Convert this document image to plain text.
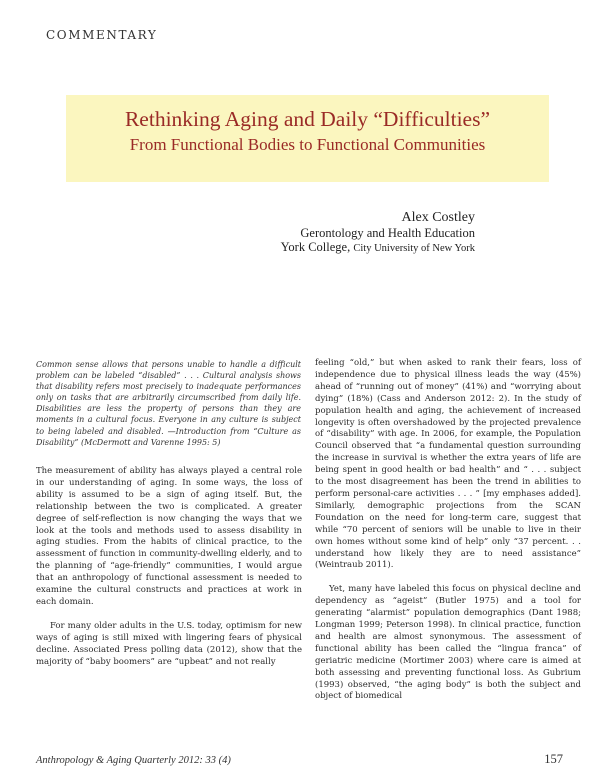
COMMENTARY
Rethinking Aging and Daily “Difficulties”
From Functional Bodies to Functional Communities
Alex Costley
Gerontology and Health Education
York College, City University of New York
Common sense allows that persons unable to handle a difficult problem can be labeled “disabled” . . . Cultural analysis shows that disability refers most precisely to inadequate performances only on tasks that are arbitrarily circumscribed from daily life. Disabilities are less the property of persons than they are moments in a cultural focus. Everyone in any culture is subject to being labeled and disabled. —Introduction from “Culture as Disability” (McDermott and Varenne 1995: 5)

The measurement of ability has always played a central role in our understanding of aging. In some ways, the loss of ability is assumed to be a sign of aging itself. But, the relationship between the two is complicated. A greater degree of self-reflection is now changing the ways that we look at the tools and methods used to assess disability in aging studies. From the habits of clinical practice, to the assessment of function in community-dwelling elderly, and to the planning of “age-friendly” communities, I would argue that an anthropology of functional assessment is needed to examine the cultural constructs and practices at work in each domain.

For many older adults in the U.S. today, optimism for new ways of aging is still mixed with lingering fears of physical decline. Associated Press polling data (2012), show that the majority of “baby boomers” are “upbeat” and not really

feeling “old,” but when asked to rank their fears, loss of independence due to physical illness leads the way (45%) ahead of “running out of money” (41%) and “worrying about dying” (18%) (Cass and Anderson 2012: 2). In the study of population health and aging, the achievement of increased longevity is often overshadowed by the projected prevalence of “disability” with age. In 2006, for example, the Population Council observed that “a fundamental question surrounding the increase in survival is whether the extra years of life are being spent in good health or bad health” and “ . . . subject to the most disagreement has been the trend in abilities to perform personal-care activities . . . ” [my emphases added]. Similarly, demographic projections from the SCAN Foundation on the need for long-term care, suggest that while “70 percent of seniors will be unable to live in their own homes without some kind of help” only “37 percent. . . understand how likely they are to need assistance” (Weintraub 2011).

Yet, many have labeled this focus on physical decline and dependency as “ageist” (Butler 1975) and a tool for generating “alarmist” population demographics (Dant 1988; Longman 1999; Peterson 1998). In clinical practice, function and health are almost synonymous. The assessment of functional ability has been called the “lingua franca” of geriatric medicine (Mortimer 2003) where care is aimed at both assessing and preventing functional loss. As Gubrium (1993) observed, “the aging body” is both the subject and object of biomedical

Anthropology & Aging Quarterly 2012: 33 (4)	157
